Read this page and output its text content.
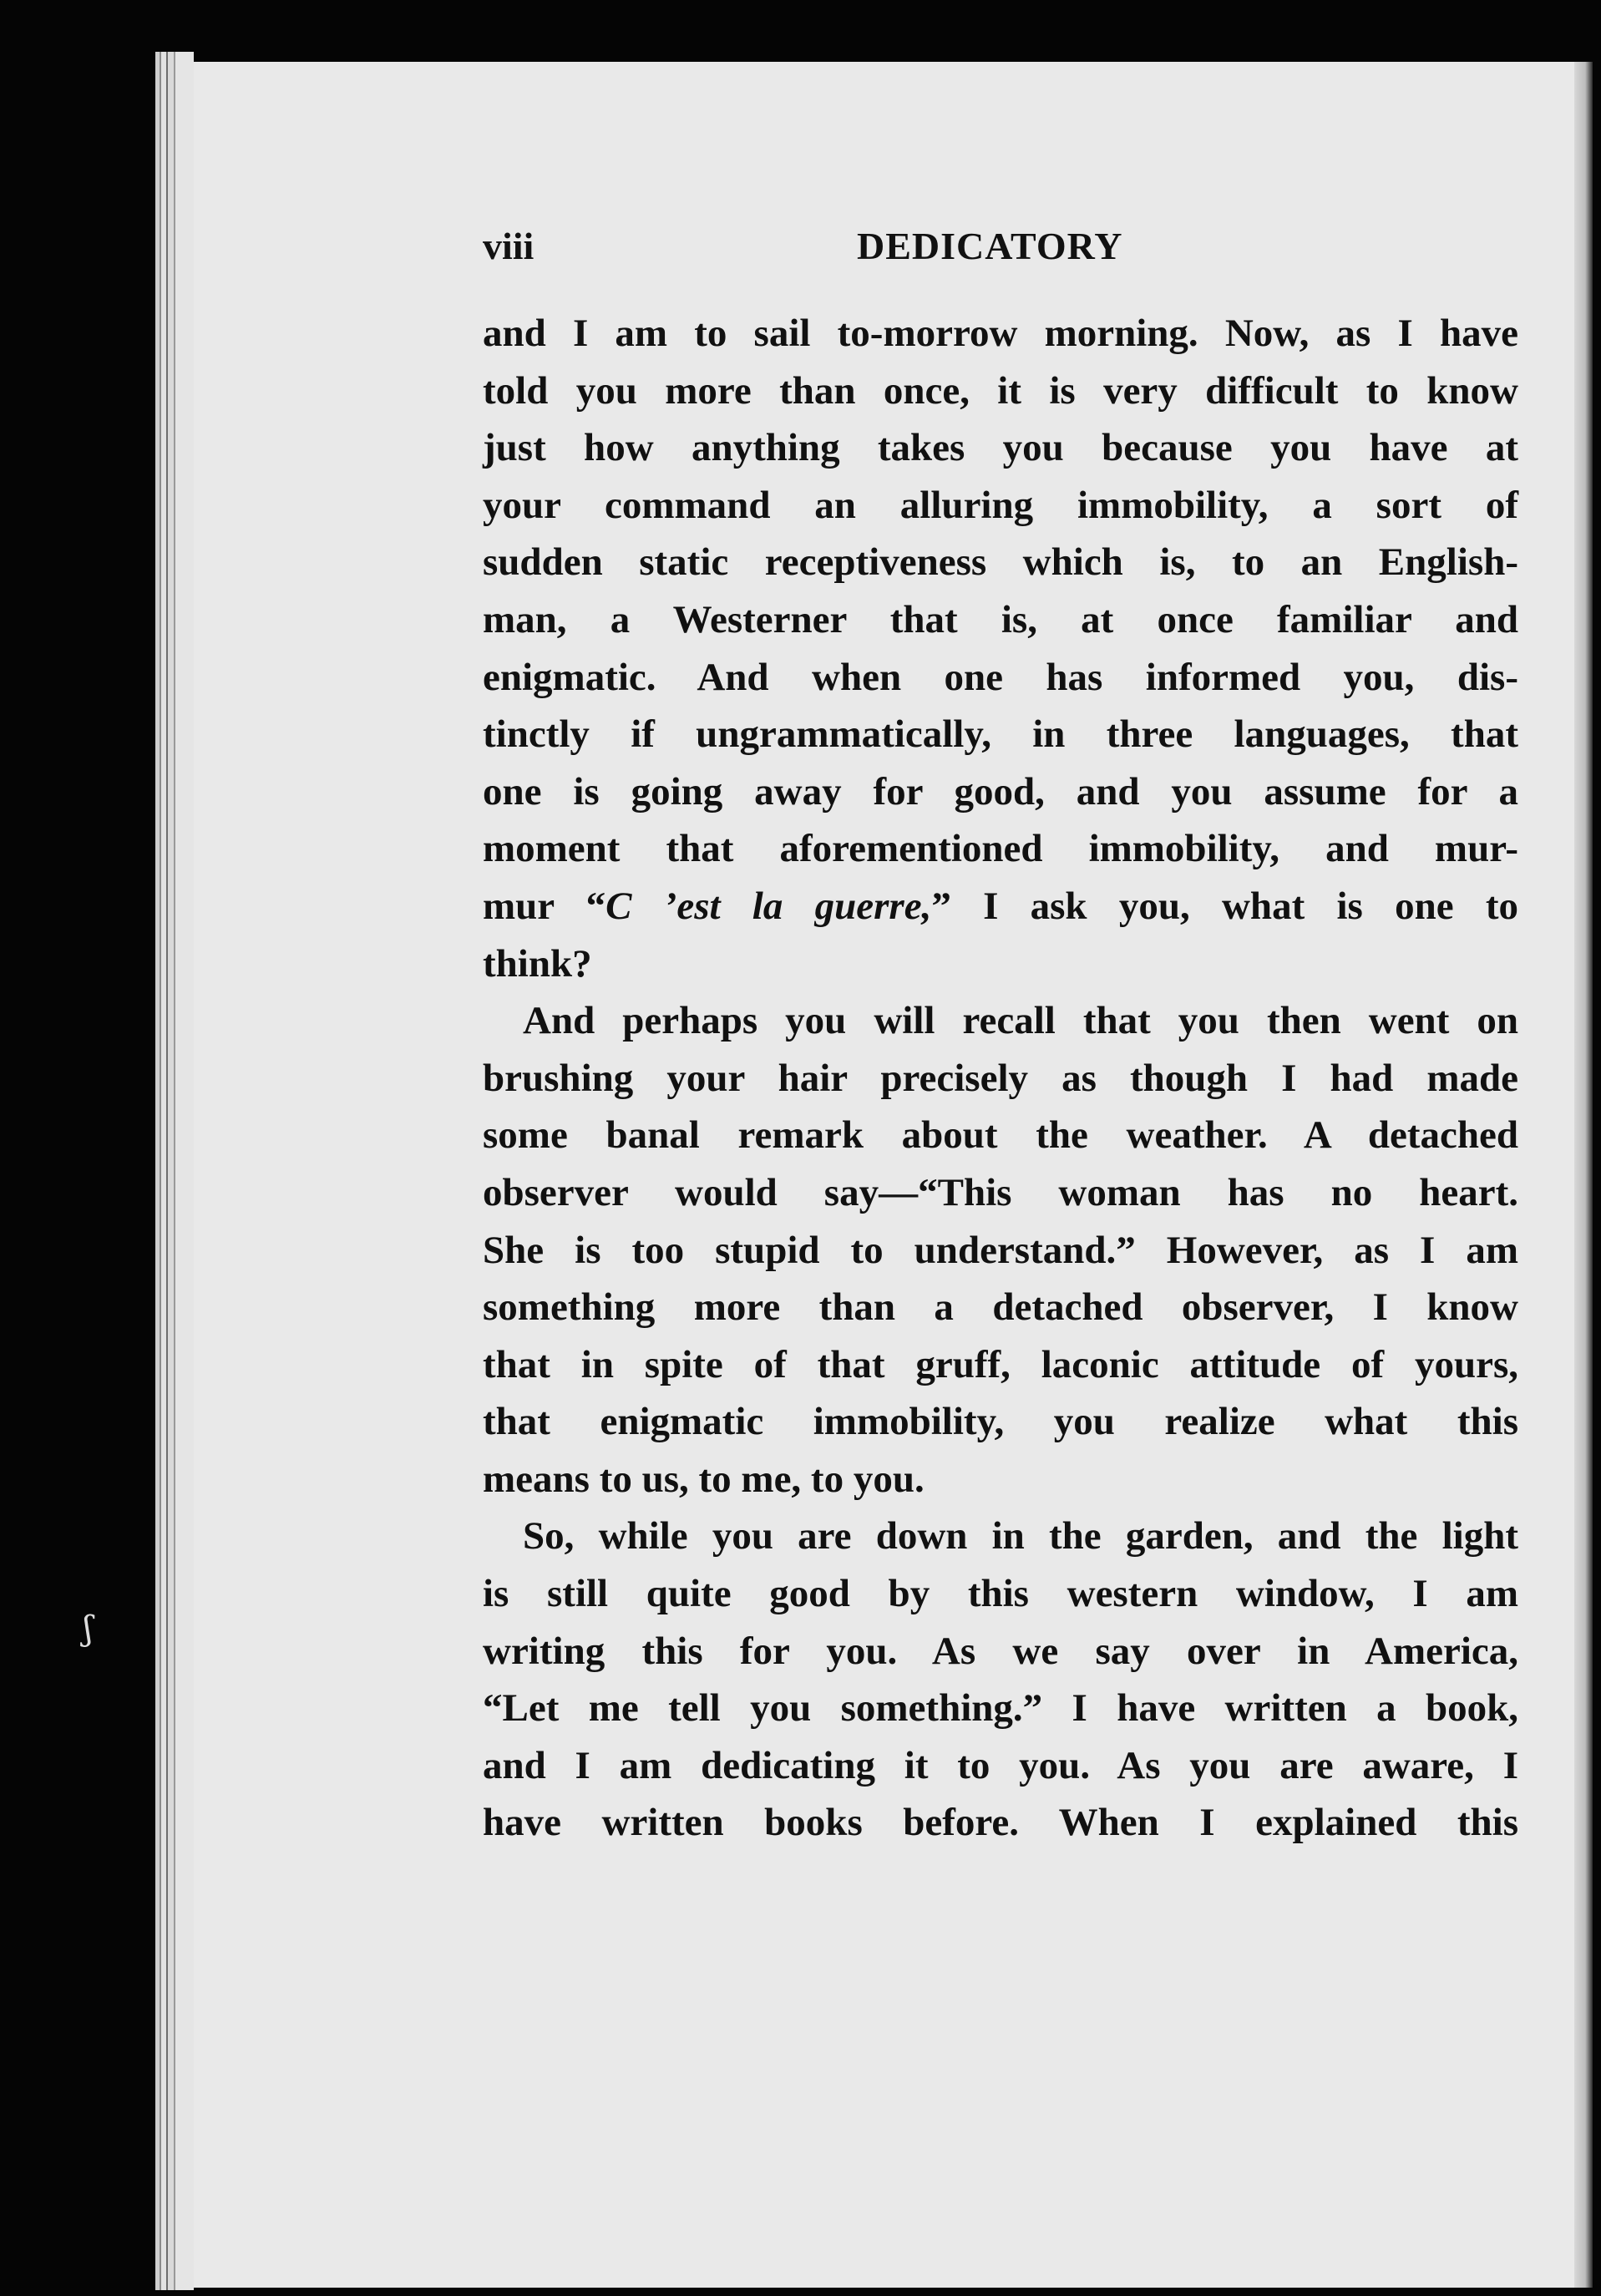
ʃ
viii	DEDICATORY
and I am to sail to-morrow morning. Now, as I have
told you more than once, it is very difficult to know
just how anything takes you because you have at
your command an alluring immobility, a sort of
sudden static receptiveness which is, to an English-
man, a Westerner that is, at once familiar and
enigmatic. And when one has informed you, dis-
tinctly if ungrammatically, in three languages, that
one is going away for good, and you assume for a
moment that aforementioned immobility, and mur-
mur “C ’est la guerre,” I ask you, what is one to
think?
And perhaps you will recall that you then went on
brushing your hair precisely as though I had made
some banal remark about the weather. A detached
observer would say—“This woman has no heart.
She is too stupid to understand.” However, as I am
something more than a detached observer, I know
that in spite of that gruff, laconic attitude of yours,
that enigmatic immobility, you realize what this
means to us, to me, to you.
So, while you are down in the garden, and the light
is still quite good by this western window, I am
writing this for you. As we say over in America,
“Let me tell you something.” I have written a book,
and I am dedicating it to you. As you are aware, I
have written books before. When I explained this
